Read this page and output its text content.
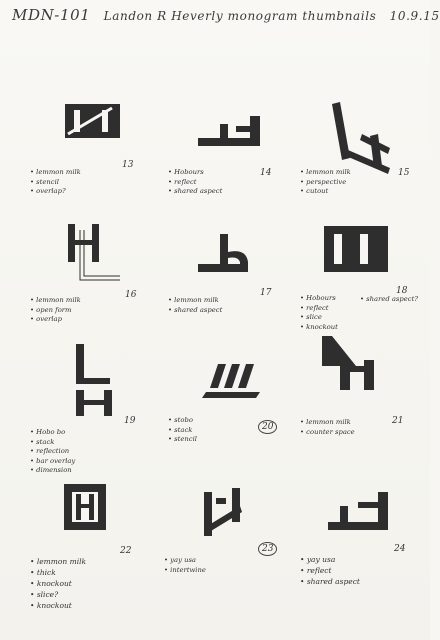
MDN-101 Landon R Heverly monogram thumbnails 10.9.15
13
• lemmon milk
• stencil
• overlap?
14
• Hobours
• reflect
• shared aspect
15
• lemmon milk
• perspective
• cutout
16
• lemmon milk
• open form
• overlap
17
• lemmon milk
• shared aspect
18
• shared aspect?
• Hobours
• reflect
• slice
• knockout
19
• Hobo bo
• stack
• reflection
• bar overlay
• dimension
20
• stobo
• stack
• stencil
21
• lemmon milk
• counter space
22
• lemmon milk
• thick
• knockout
• slice?
• knockout
23
• yay usa
• intertwine
24
• yay usa
• reflect
• shared aspect
